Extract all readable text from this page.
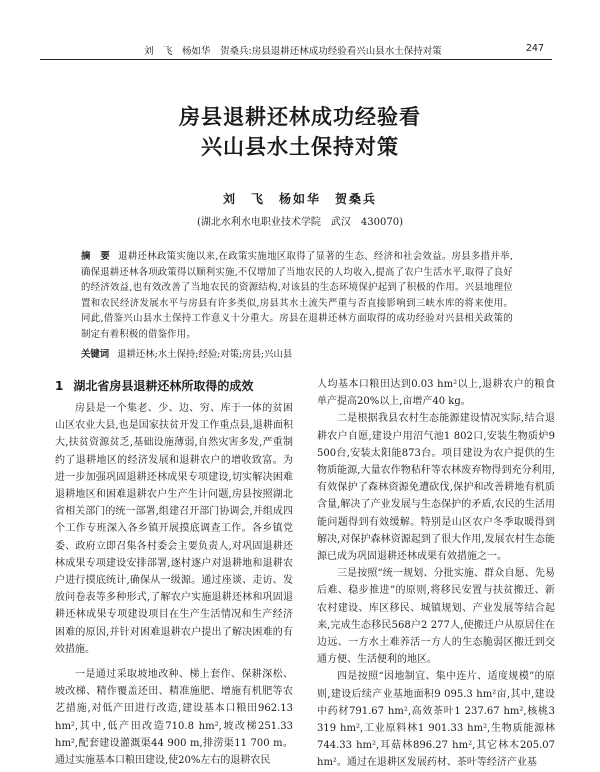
刘　飞　杨如华　贺桑兵:房县退耕还林成功经验看兴山县水土保持对策	247
房县退耕还林成功经验看
兴山县水土保持对策
刘　飞　杨如华　贺桑兵
(湖北水利水电职业技术学院　武汉　430070)
摘　要 退耕还林政策实施以来,在政策实施地区取得了显著的生态、经济和社会效益。房县多措并举,确保退耕还林各项政策得以顺利实施,不仅增加了当地农民的人均收入,提高了农户生活水平,取得了良好的经济效益,也有效改善了当地农民的资源结构,对该县的生态环境保护起到了积极的作用。兴县地理位置和农民经济发展水平与房县有许多类似,房县其水土流失严重与否直接影响到三峡水库的将来使用。同此,借鉴兴山县水土保持工作意义十分重大。房县在退耕还林方面取得的成功经验对兴县相关政策的制定有着积极的借鉴作用。
关键词 退耕还林;水土保持;经验;对策;房县;兴山县
1 湖北省房县退耕还林所取得的成效

房县是一个集老、少、边、穷、库于一体的贫困山区农业大县,也是国家扶贫开发工作重点县,退耕面积大,扶贫资源贫乏,基础设施薄弱,自然灾害多发,严重制约了退耕地区的经济发展和退耕农户的增收致富。为进一步加强巩固退耕还林成果专项建设,切实解决困难退耕地区和困难退耕农户生产生计问题,房县按照湖北省相关部门的统一部署,组建召开部门协调会,并组成四个工作专班深入各乡镇开展摸底调查工作。各乡镇党委、政府立即召集各村委会主要负责人,对巩固退耕还林成果专项建设安排部署,逐村逐户对退耕地和退耕农户进行摸底统计,确保从一级源。通过座谈、走访、发放问卷表等多种形式,了解农户实施退耕还林和巩固退耕还林成果专项建设项目在生产生活情况和生产经济困难的原因,并针对困难退耕农户提出了解决困难的有效措施。

一是通过采取坡地改种、梯上套作、保耕深松、坡改梯、精作覆盖还田、精准施肥、增施有机肥等农艺措施,对低产田进行改造,建设基本口粮田962.13 hm²,其中,低产田改造710.8 hm²,坡改梯251.33 hm²,配套建设灌溉渠44 900 m,排涝渠11 700 m。通过实施基本口粮田建设,使20%左右的退耕农民

人均基本口粮田达到0.03 hm²以上,退耕农户的粮食单产提高20%以上,亩增产40 kg。

二是根据我县农村生态能源建设情况实际,结合退耕农户自愿,建设户用沼气池1 802口,安装生物质炉9 500台,安装太阳能873台。项目建设为农户提供的生物质能源,大量农作物秸秆等农林废弃物得到充分利用,有效保护了森林资源免遭砍伐,保护和改善耕地有机质含量,解决了产业发展与生态保护的矛盾,农民的生活用能问题得到有效缓解。特别是山区农户冬季取暖得到解决,对保护森林资源起到了很大作用,发展农村生态能源已成为巩固退耕还林成果有效措施之一。

三是按照“统一规划、分批实施、群众自愿、先易后难、稳步推进”的原则,将移民安置与扶贫搬迁、新农村建设、库区移民、城镇规划、产业发展等结合起来,完成生态移民568户2 277人,使搬迁户从原居住在边远、一方水土难养活一方人的生态脆弱区搬迁到交通方便、生活便利的地区。

四是按照“因地制宜、集中连片、适度规模”的原则,建设后续产业基地面积9 095.3 hm²亩,其中,建设中药材791.67 hm²,高效茶叶1 237.67 hm²,核桃3 319 hm²,工业原料林1 901.33 hm²,生物质能源林744.33 hm²,耳菇林896.27 hm²,其它林木205.07 hm²。通过在退耕区发展药材、茶叶等经济产业基
